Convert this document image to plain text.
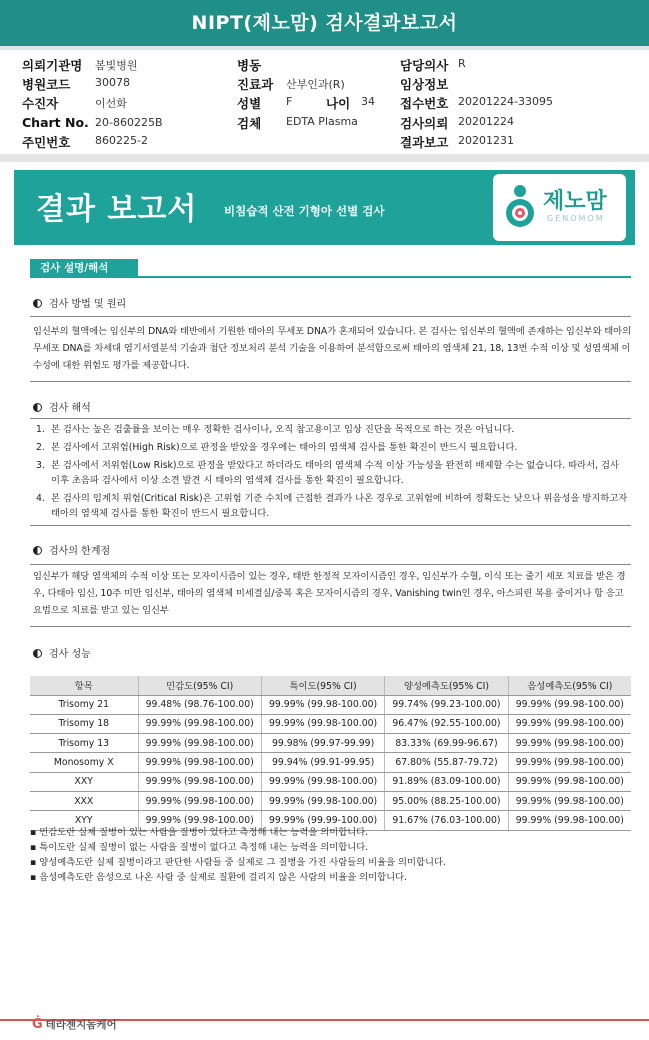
NIPT(제노맘) 검사결과보고서
의뢰기관명 봄빛병원
병원코드 30078
수진자	이선화
Chart No. 20-860225B
주민번호 860225-2
병동
진료과 산부인과(R)
성별 F	나이 34
검체 EDTA Plasma
담당의사 R
임상정보
접수번호 20201224-33095
검사의뢰 20201224
결과보고 20201231
결과 보고서 비침습적 산전 기형아 선별 검사	제노맘
GENOMOM
검사 설명/해석
검사 방법 및 원리
임신부의 혈액에는 임신부의 DNA와 태반에서 기원한 태아의 무세포 DNA가 혼재되어 있습니다. 본 검사는 임신부의 혈액에 존재하는 임신부와 태아의 무세포 DNA를 차세대 염기서열분석 기술과 첨단 정보처리 분석 기술을 이용하여 분석함으로써 태아의 염색체 21, 18, 13번 수적 이상 및 성염색체 이수성에 대한 위험도 평가를 제공합니다.
검사 해석
1. 본 검사는 높은 검출률을 보이는 매우 정확한 검사이나, 오직 참고용이고 임상 진단을 목적으로 하는 것은 아닙니다.
2. 본 검사에서 고위험(High Risk)으로 판정을 받았을 경우에는 태아의 염색체 검사를 통한 확진이 반드시 필요합니다.
3. 본 검사에서 저위험(Low Risk)으로 판정을 받았다고 하더라도 태아의 염색체 수적 이상 가능성을 완전히 배제할 수는 없습니다. 따라서, 검사 이후 초음파 검사에서 이상 소견 발견 시 태아의 염색체 검사를 통한 확진이 필요합니다.
4. 본 검사의 임계치 위험(Critical Risk)은 고위험 기준 수치에 근접한 결과가 나온 경우로 고위험에 비하여 정확도는 낮으나 위음성을 방지하고자 태아의 염색체 검사를 통한 확진이 반드시 필요합니다.
검사의 한계점
임신부가 해당 염색체의 수적 이상 또는 모자이시즘이 있는 경우, 태반 한정적 모자이시즘인 경우, 임신부가 수혈, 이식 또는 줄기 세포 치료를 받은 경우, 다태아 임신, 10주 미만 임신부, 태아의 염색체 미세결실/중복 혹은 모자이시즘의 경우, Vanishing twin인 경우, 아스피린 복용 중이거나 항 응고 요법으로 치료를 받고 있는 임신부
검사 성능
항목	민감도(95% CI)	특이도(95% CI)	양성예측도(95% CI)	음성예측도(95% CI)
Trisomy 21	99.48% (98.76-100.00)	99.99% (99.98-100.00)	99.74% (99.23-100.00)	99.99% (99.98-100.00)
Trisomy 18	99.99% (99.98-100.00)	99.99% (99.98-100.00)	96.47% (92.55-100.00)	99.99% (99.98-100.00)
Trisomy 13	99.99% (99.98-100.00)	99.98% (99.97-99.99)	83.33% (69.99-96.67)	99.99% (99.98-100.00)
Monosomy X	99.99% (99.98-100.00)	99.94% (99.91-99.95)	67.80% (55.87-79.72)	99.99% (99.98-100.00)
XXY	99.99% (99.98-100.00)	99.99% (99.98-100.00)	91.89% (83.09-100.00)	99.99% (99.98-100.00)
XXX	99.99% (99.98-100.00)	99.99% (99.98-100.00)	95.00% (88.25-100.00)	99.99% (99.98-100.00)
XYY	99.99% (99.98-100.00)	99.99% (99.99-100.00)	91.67% (76.03-100.00)	99.99% (99.98-100.00)
▪ 민감도란 실제 질병이 있는 사람을 질병이 있다고 측정해 내는 능력을 의미합니다.
▪ 특이도란 실제 질병이 없는 사람을 질병이 없다고 측정해 내는 능력을 의미합니다.
▪ 양성예측도란 실제 질병이라고 판단한 사람들 중 실제로 그 질병을 가진 사람들의 비율을 의미합니다.
▪ 음성예측도란 음성으로 나온 사람 중 실제로 질환에 걸리지 않은 사람의 비율을 의미합니다.
Ġ 테라젠지놈케어
